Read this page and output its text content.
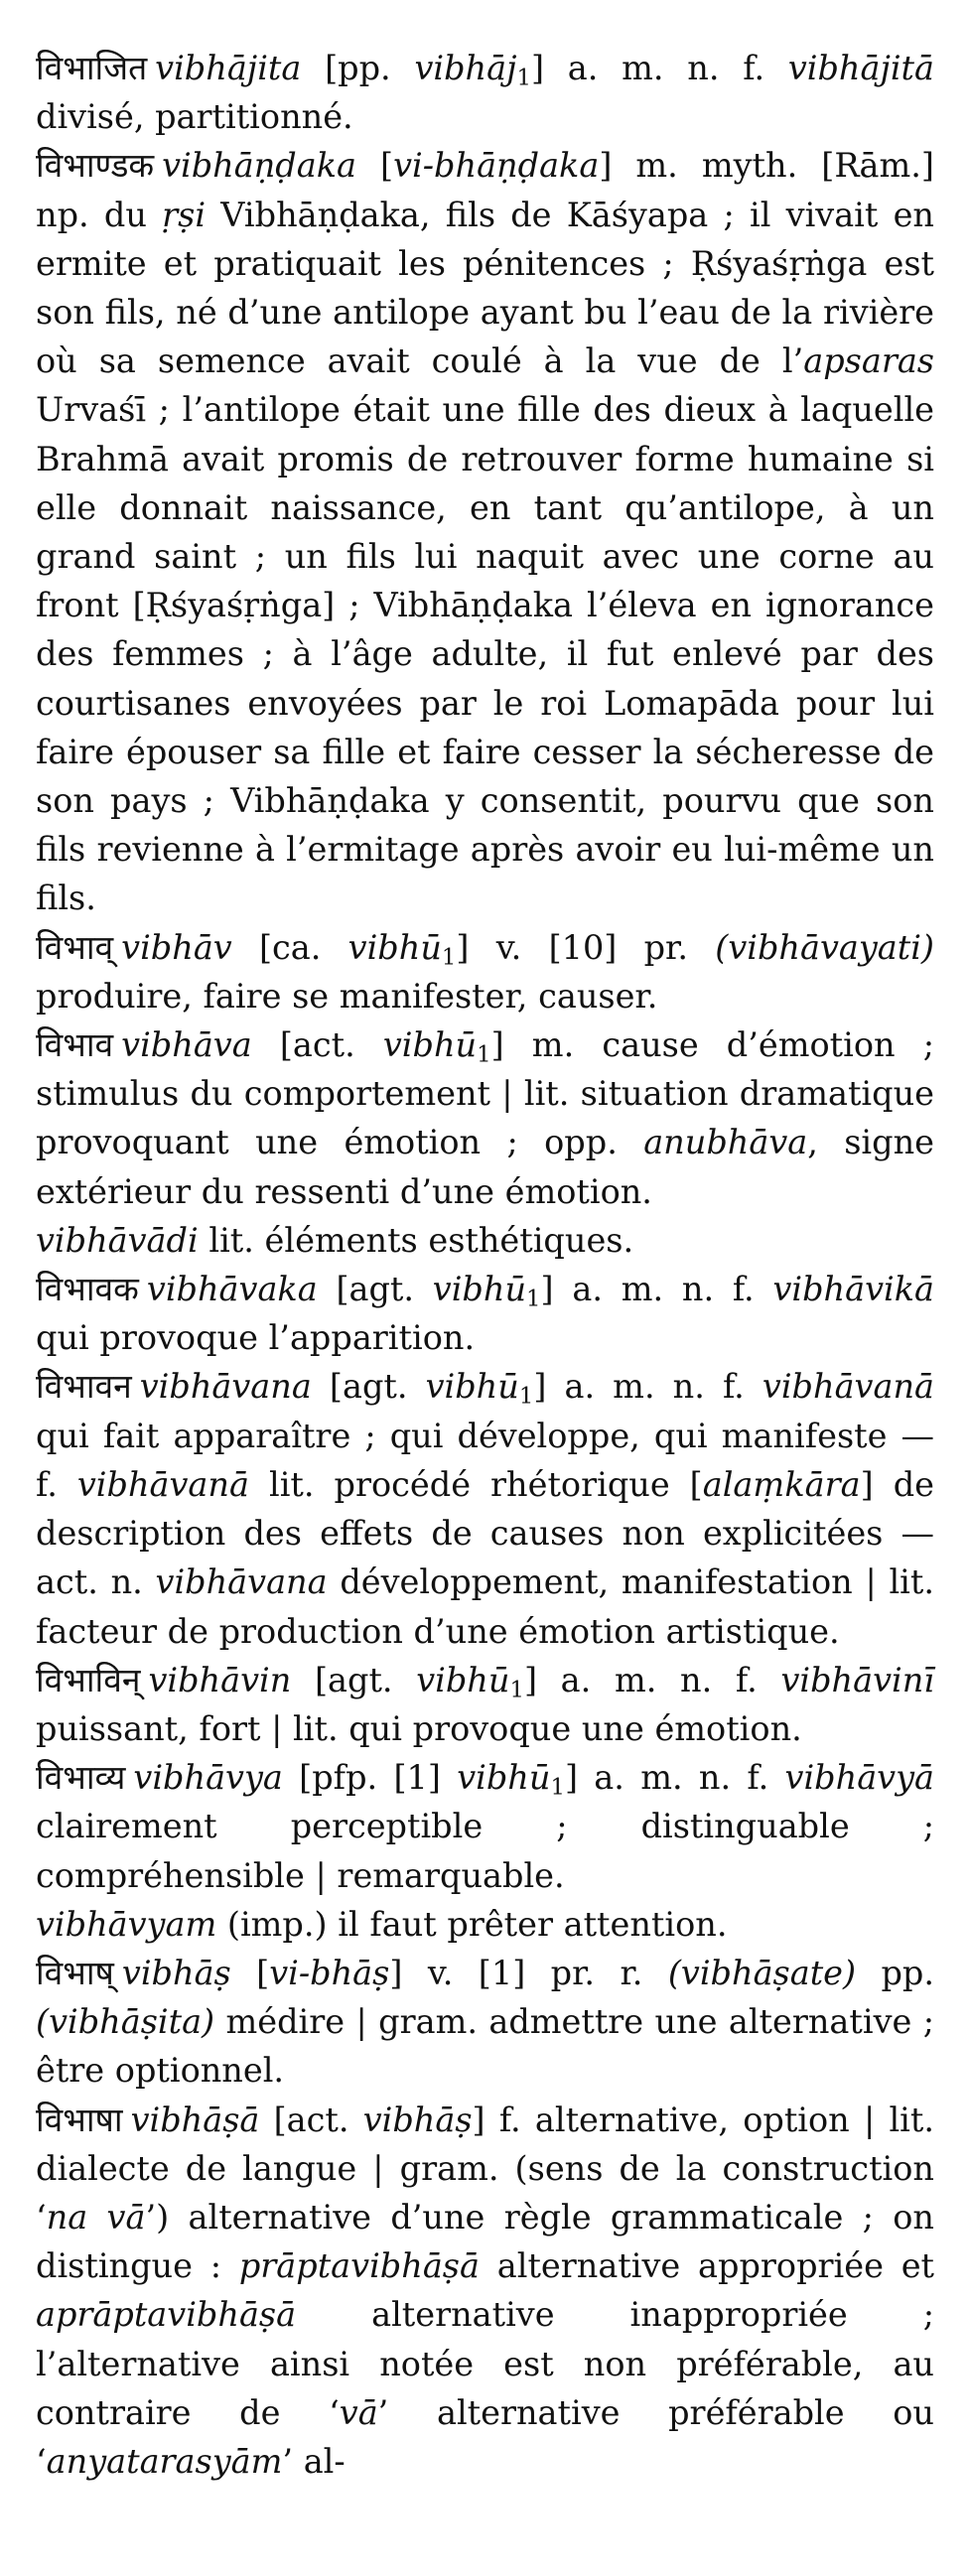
विभाजित vibhājita [pp. vibhāj$_1$] a. m. n. f. vibhājitā divisé, partitionné.

विभाण्डक vibhāṇḍaka [vi-bhāṇḍaka] m. myth. [Rām.] np. du ṛṣi Vibhāṇḍaka, fils de Kāśyapa ; il vivait en ermite et pratiquait les pénitences ; Ṛśyaśṛṅga est son fils, né d’une antilope ayant bu l’eau de la rivière où sa semence avait coulé à la vue de l’apsaras Urvaśī ; l’antilope était une fille des dieux à laquelle Brahmā avait promis de retrouver forme humaine si elle donnait naissance, en tant qu’antilope, à un grand saint ; un fils lui naquit avec une corne au front [Ṛśyaśṛṅga] ; Vibhāṇḍaka l’éleva en ignorance des femmes ; à l’âge adulte, il fut enlevé par des courtisanes envoyées par le roi Lomapāda pour lui faire épouser sa fille et faire cesser la sécheresse de son pays ; Vibhāṇḍaka y consentit, pourvu que son fils revienne à l’ermitage après avoir eu lui-même un fils.

विभाव् vibhāv [ca. vibhū$_1$] v. [10] pr. (vibhāvayati) produire, faire se manifester, causer.

विभाव vibhāva [act. vibhū$_1$] m. cause d’émotion ; stimulus du comportement | lit. situation dramatique provoquant une émotion ; opp. anubhāva, signe extérieur du ressenti d’une émotion.

vibhāvādi lit. éléments esthétiques.

विभावक vibhāvaka [agt. vibhū$_1$] a. m. n. f. vibhāvikā qui provoque l’apparition.

विभावन vibhāvana [agt. vibhū$_1$] a. m. n. f. vibhāvanā qui fait apparaître ; qui développe, qui manifeste — f. vibhāvanā lit. procédé rhétorique [alaṃkāra] de description des effets de causes non explicitées — act. n. vibhāvana développement, manifestation | lit. facteur de production d’une émotion artistique.

विभाविन् vibhāvin [agt. vibhū$_1$] a. m. n. f. vibhāvinī puissant, fort | lit. qui provoque une émotion.

विभाव्य vibhāvya [pfp. [1] vibhū$_1$] a. m. n. f. vibhāvyā clairement perceptible ; distinguable ; compréhensible | remarquable.

vibhāvyam (imp.) il faut prêter attention.

विभाष् vibhāṣ [vi-bhāṣ] v. [1] pr. r. (vibhāṣate) pp. (vibhāṣita) médire | gram. admettre une alternative ; être optionnel.

विभाषा vibhāṣā [act. vibhāṣ] f. alternative, option | lit. dialecte de langue | gram. (sens de la construction ‘na vā’) alternative d’une règle grammaticale ; on distingue : prāptavibhāṣā alternative appropriée et aprāptavibhāṣā alternative inappropriée ; l’alternative ainsi notée est non préférable, au contraire de ‘vā’ alternative préférable ou ‘anyatarasyām’ al-
